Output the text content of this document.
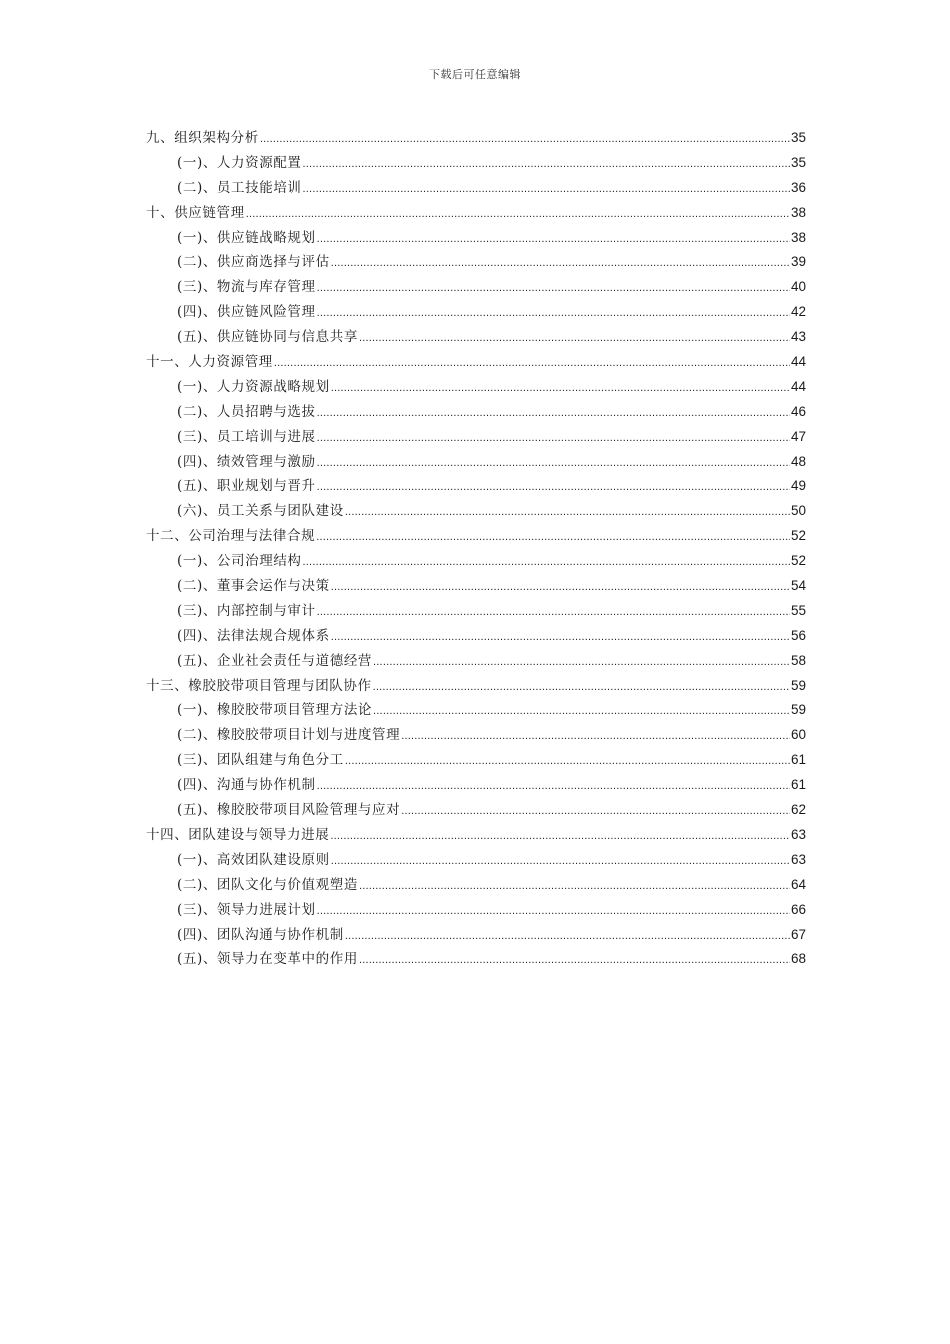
下载后可任意编辑
九、组织架构分析 .....	35
(一)、人力资源配置 .....	35
(二)、员工技能培训 .....	36
十、供应链管理 .....	38
(一)、供应链战略规划 .....	38
(二)、供应商选择与评估 .....	39
(三)、物流与库存管理 .....	40
(四)、供应链风险管理 .....	42
(五)、供应链协同与信息共享 .....	43
十一、人力资源管理 .....	44
(一)、人力资源战略规划 .....	44
(二)、人员招聘与选拔 .....	46
(三)、员工培训与进展 .....	47
(四)、绩效管理与激励 .....	48
(五)、职业规划与晋升 .....	49
(六)、员工关系与团队建设 .....	50
十二、公司治理与法律合规 .....	52
(一)、公司治理结构 .....	52
(二)、董事会运作与决策 .....	54
(三)、内部控制与审计 .....	55
(四)、法律法规合规体系 .....	56
(五)、企业社会责任与道德经营 .....	58
十三、橡胶胶带项目管理与团队协作 .....	59
(一)、橡胶胶带项目管理方法论 .....	59
(二)、橡胶胶带项目计划与进度管理 .....	60
(三)、团队组建与角色分工 .....	61
(四)、沟通与协作机制 .....	61
(五)、橡胶胶带项目风险管理与应对 .....	62
十四、团队建设与领导力进展 .....	63
(一)、高效团队建设原则 .....	63
(二)、团队文化与价值观塑造 .....	64
(三)、领导力进展计划 .....	66
(四)、团队沟通与协作机制 .....	67
(五)、领导力在变革中的作用 .....	68
